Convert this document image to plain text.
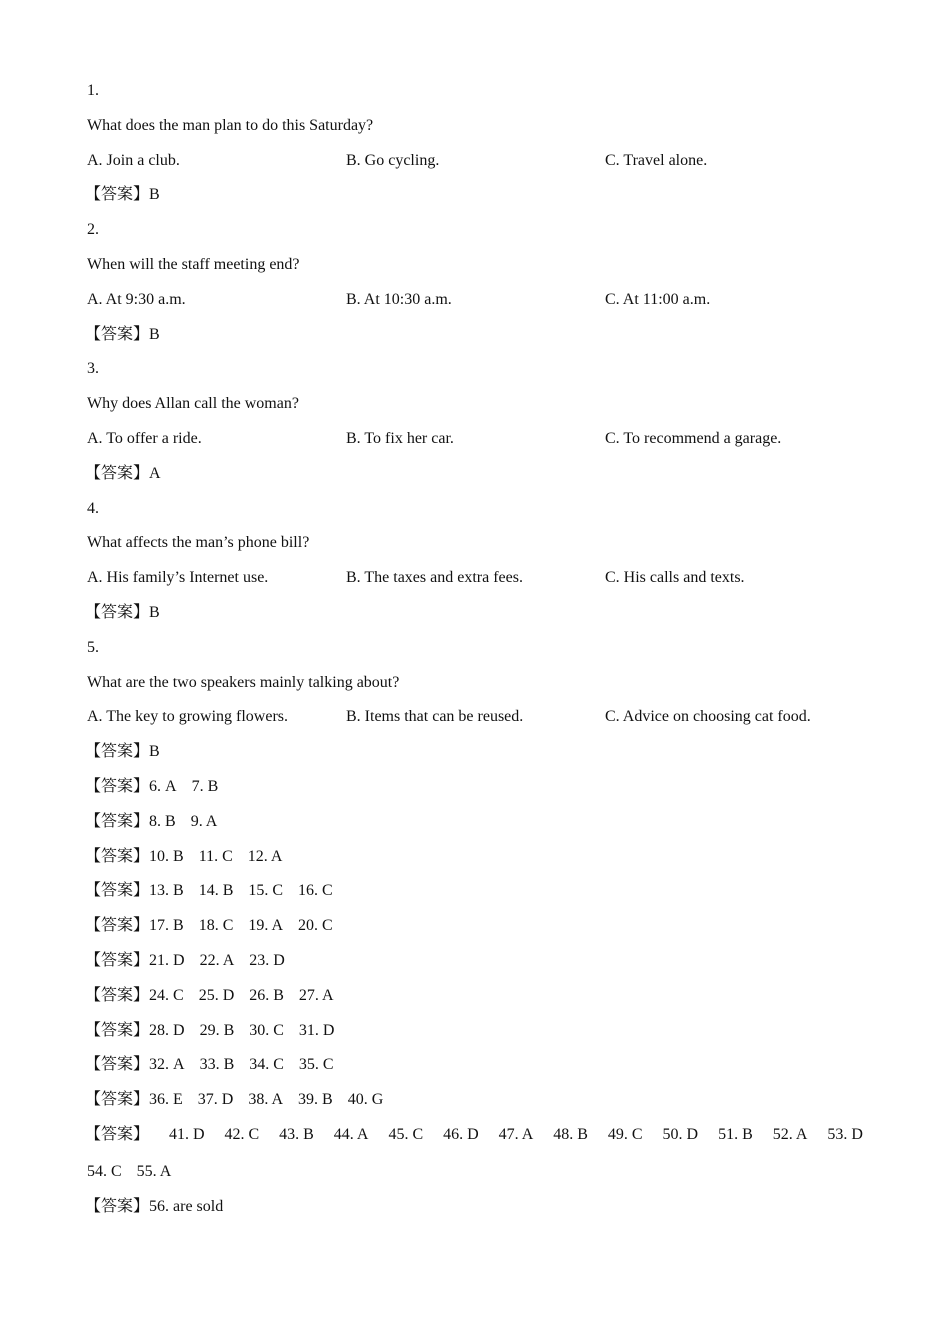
1.
What does the man plan to do this Saturday?
A. Join a club.	B. Go cycling.	C. Travel alone.
【答案】B
2.
When will the staff meeting end?
A. At 9:30 a.m.	B. At 10:30 a.m.	C. At 11:00 a.m.
【答案】B
3.
Why does Allan call the woman?
A. To offer a ride.	B. To fix her car.	C. To recommend a garage.
【答案】A
4.
What affects the man’s phone bill?
A. His family’s Internet use.	B. The taxes and extra fees.	C. His calls and texts.
【答案】B
5.
What are the two speakers mainly talking about?
A. The key to growing flowers.	B. Items that can be reused.	C. Advice on choosing cat food.
【答案】B
【答案】6. A 7. B
【答案】8. B 9. A
【答案】10. B 11. C 12. A
【答案】13. B 14. B 15. C 16. C
【答案】17. B 18. C 19. A 20. C
【答案】21. D 22. A 23. D
【答案】24. C 25. D 26. B 27. A
【答案】28. D 29. B 30. C 31. D
【答案】32. A 33. B 34. C 35. C
【答案】36. E 37. D 38. A 39. B 40. G
【答案】 41. D 42. C 43. B 44. A 45. C 46. D 47. A 48. B 49. C 50. D 51. B 52. A 53. D
54. C 55. A
【答案】56. are sold
